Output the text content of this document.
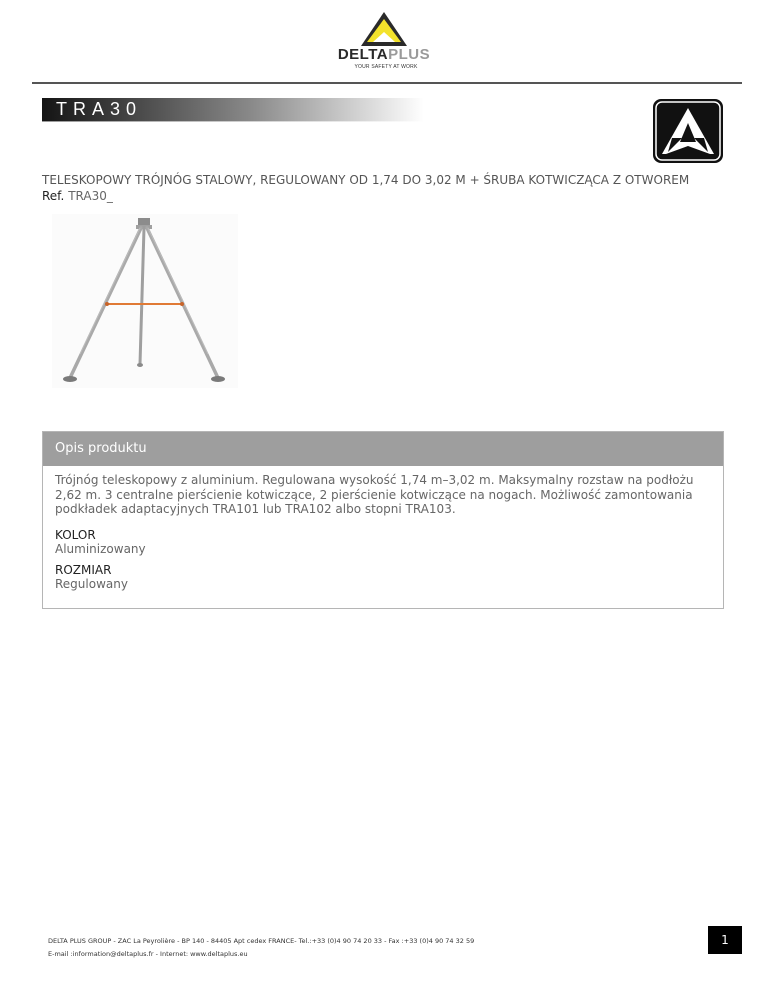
DELTAPLUS
YOUR SAFETY AT WORK
TRA30
TELESKOPOWY TRÓJNÓG STALOWY, REGULOWANY OD 1,74 DO 3,02 M + ŚRUBA KOTWICZĄCA Z OTWOREM
Ref. TRA30_
Opis produktu

Trójnóg teleskopowy z aluminium. Regulowana wysokość 1,74 m–3,02 m. Maksymalny rozstaw na podłożu 2,62 m. 3 centralne pierścienie kotwiczące, 2 pierścienie kotwiczące na nogach. Możliwość zamontowania podkładek adaptacyjnych TRA101 lub TRA102 albo stopni TRA103.

KOLOR
Aluminizowany
ROZMIAR
Regulowany
DELTA PLUS GROUP - ZAC La Peyrolière - BP 140 - 84405 Apt cedex FRANCE- Tel.:+33 (0)4 90 74 20 33 - Fax :+33 (0)4 90 74 32 59
E-mail :information@deltaplus.fr - Internet: www.deltaplus.eu
1
